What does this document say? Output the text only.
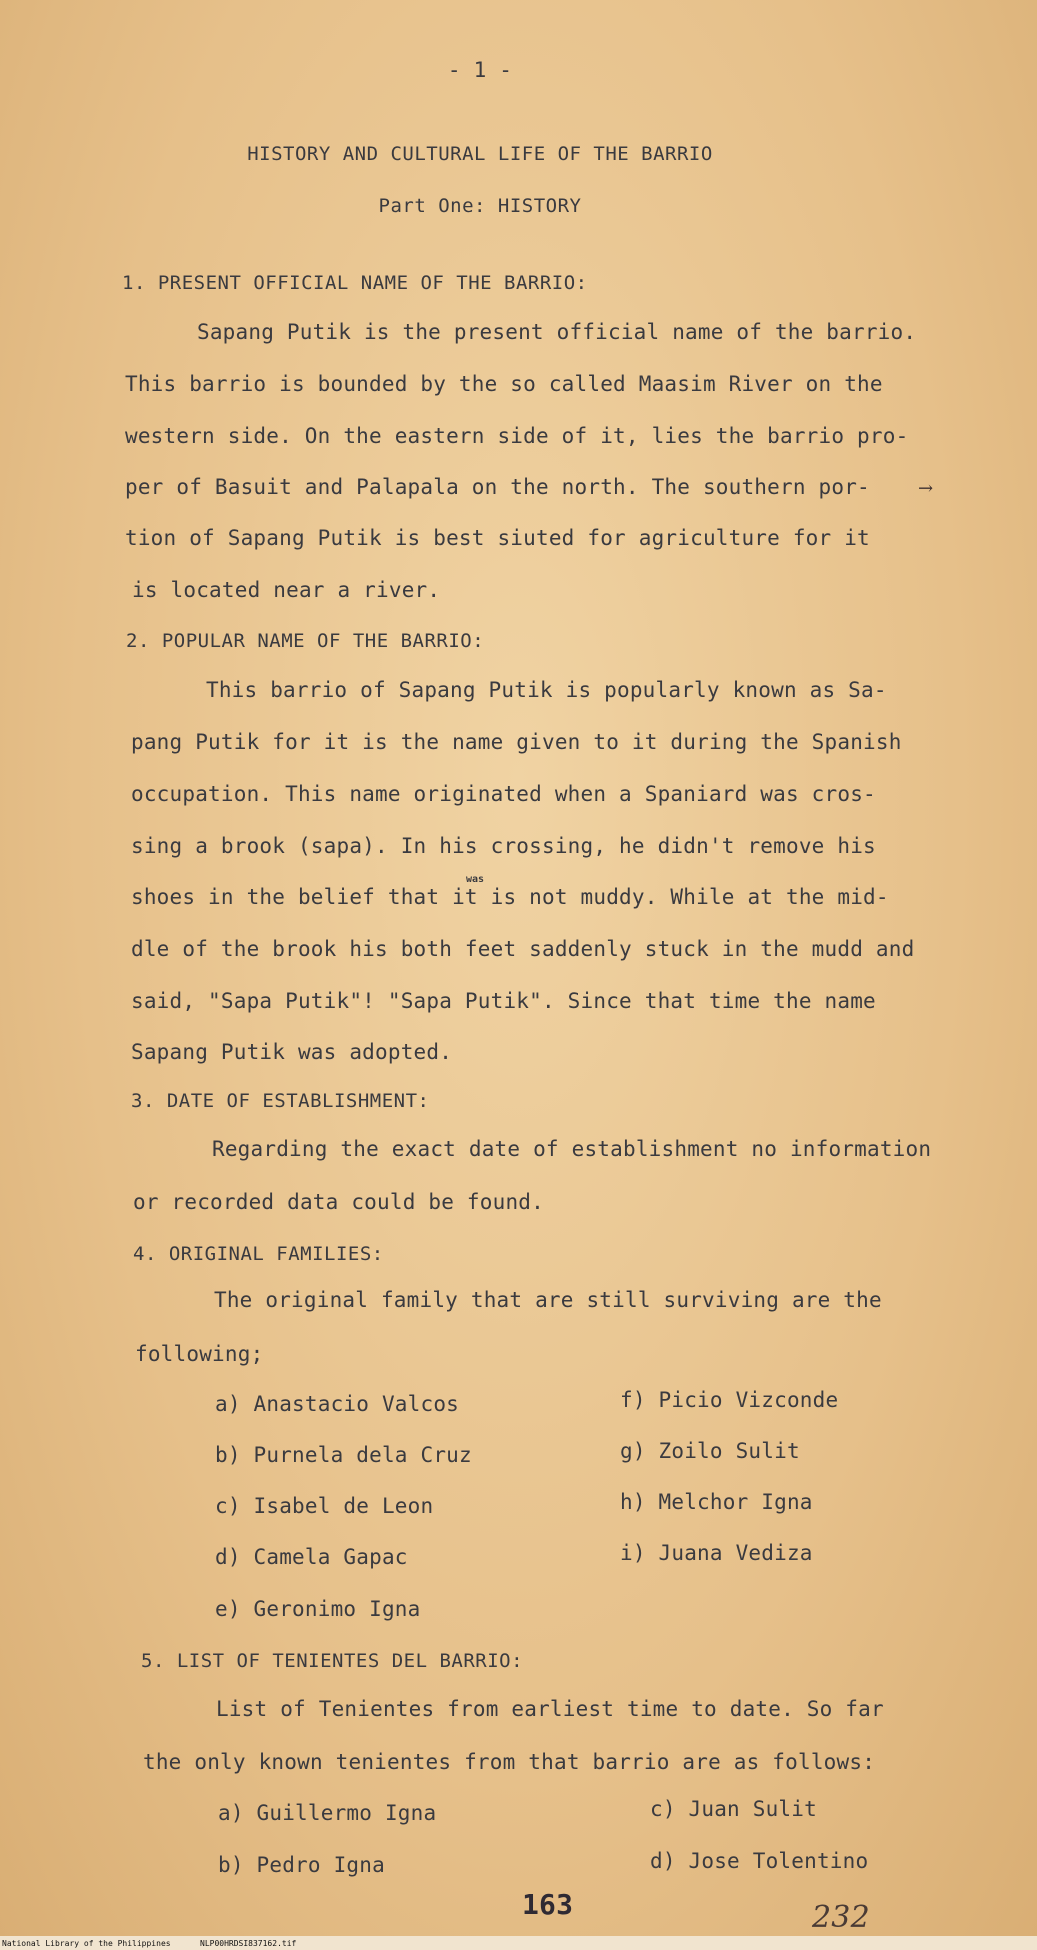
- 1 -
HISTORY AND CULTURAL LIFE OF THE BARRIO
Part One: HISTORY
1. PRESENT OFFICIAL NAME OF THE BARRIO:
Sapang Putik is the present official name of the barrio.
This barrio is bounded by the so called Maasim River on the
western side. On the eastern side of it, lies the barrio pro-
per of Basuit and Palapala on the north. The southern por-
tion of Sapang Putik is best siuted for agriculture for it
is located near a river.
→
2. POPULAR NAME OF THE BARRIO:
This barrio of Sapang Putik is popularly known as Sa-
pang Putik for it is the name given to it during the Spanish
occupation. This name originated when a Spaniard was cros-
sing a brook (sapa). In his crossing, he didn't remove his
was
shoes in the belief that it is not muddy. While at the mid-
dle of the brook his both feet saddenly stuck in the mudd and
said, "Sapa Putik"! "Sapa Putik". Since that time the name
Sapang Putik was adopted.
3. DATE OF ESTABLISHMENT:
Regarding the exact date of establishment no information
or recorded data could be found.
4. ORIGINAL FAMILIES:
The original family that are still surviving are the
following;
a) Anastacio Valcos
b) Purnela dela Cruz
c) Isabel de Leon
d) Camela Gapac
e) Geronimo Igna
f) Picio Vizconde
g) Zoilo Sulit
h) Melchor Igna
i) Juana Vediza
5. LIST OF TENIENTES DEL BARRIO:
List of Tenientes from earliest time to date. So far
the only known tenientes from that barrio are as follows:
a) Guillermo Igna
b) Pedro Igna
c) Juan Sulit
d) Jose Tolentino
163	232
National Library of the Philippines	NLP00HRDSI837162.tif
